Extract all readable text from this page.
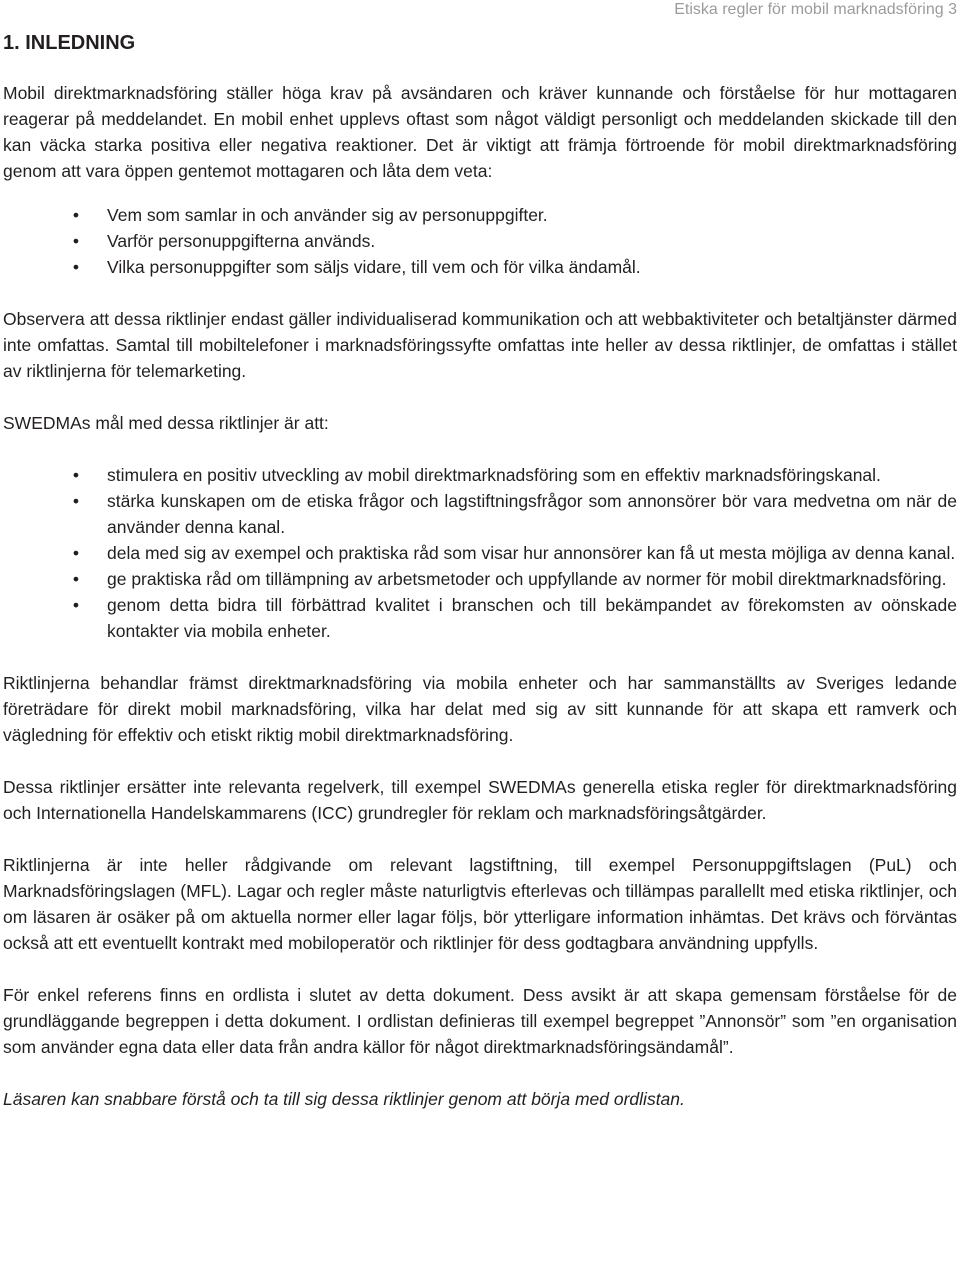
Etiska regler för mobil marknadsföring 3
1. INLEDNING

Mobil direktmarknadsföring ställer höga krav på avsändaren och kräver kunnande och förståelse för hur mottagaren reagerar på meddelandet. En mobil enhet upplevs oftast som något väldigt personligt och meddelanden skickade till den kan väcka starka positiva eller negativa reaktioner. Det är viktigt att främja förtroende för mobil direktmarknadsföring genom att vara öppen gentemot mottagaren och låta dem veta:

• Vem som samlar in och använder sig av personuppgifter.
• Varför personuppgifterna används.
• Vilka personuppgifter som säljs vidare, till vem och för vilka ändamål.

Observera att dessa riktlinjer endast gäller individualiserad kommunikation och att webbaktiviteter och betaltjänster därmed inte omfattas. Samtal till mobiltelefoner i marknadsföringssyfte omfattas inte heller av dessa riktlinjer, de omfattas i stället av riktlinjerna för telemarketing.

SWEDMAs mål med dessa riktlinjer är att:

• stimulera en positiv utveckling av mobil direktmarknadsföring som en effektiv marknadsföringskanal.
• stärka kunskapen om de etiska frågor och lagstiftningsfrågor som annonsörer bör vara medvetna om när de använder denna kanal.
• dela med sig av exempel och praktiska råd som visar hur annonsörer kan få ut mesta möjliga av denna kanal.
• ge praktiska råd om tillämpning av arbetsmetoder och uppfyllande av normer för mobil direktmarknadsföring.
• genom detta bidra till förbättrad kvalitet i branschen och till bekämpandet av förekomsten av oönskade kontakter via mobila enheter.

Riktlinjerna behandlar främst direktmarknadsföring via mobila enheter och har sammanställts av Sveriges ledande företrädare för direkt mobil marknadsföring, vilka har delat med sig av sitt kunnande för att skapa ett ramverk och vägledning för effektiv och etiskt riktig mobil direktmarknadsföring.

Dessa riktlinjer ersätter inte relevanta regelverk, till exempel SWEDMAs generella etiska regler för direktmarknadsföring och Internationella Handelskammarens (ICC) grundregler för reklam och marknadsföringsåtgärder.

Riktlinjerna är inte heller rådgivande om relevant lagstiftning, till exempel Personuppgiftslagen (PuL) och Marknadsföringslagen (MFL). Lagar och regler måste naturligtvis efterlevas och tillämpas parallellt med etiska riktlinjer, och om läsaren är osäker på om aktuella normer eller lagar följs, bör ytterligare information inhämtas. Det krävs och förväntas också att ett eventuellt kontrakt med mobiloperatör och riktlinjer för dess godtagbara användning uppfylls.

För enkel referens finns en ordlista i slutet av detta dokument. Dess avsikt är att skapa gemensam förståelse för de grundläggande begreppen i detta dokument. I ordlistan definieras till exempel begreppet ”Annonsör” som ”en organisation som använder egna data eller data från andra källor för något direktmarknadsföringsändamål”.

Läsaren kan snabbare förstå och ta till sig dessa riktlinjer genom att börja med ordlistan.
